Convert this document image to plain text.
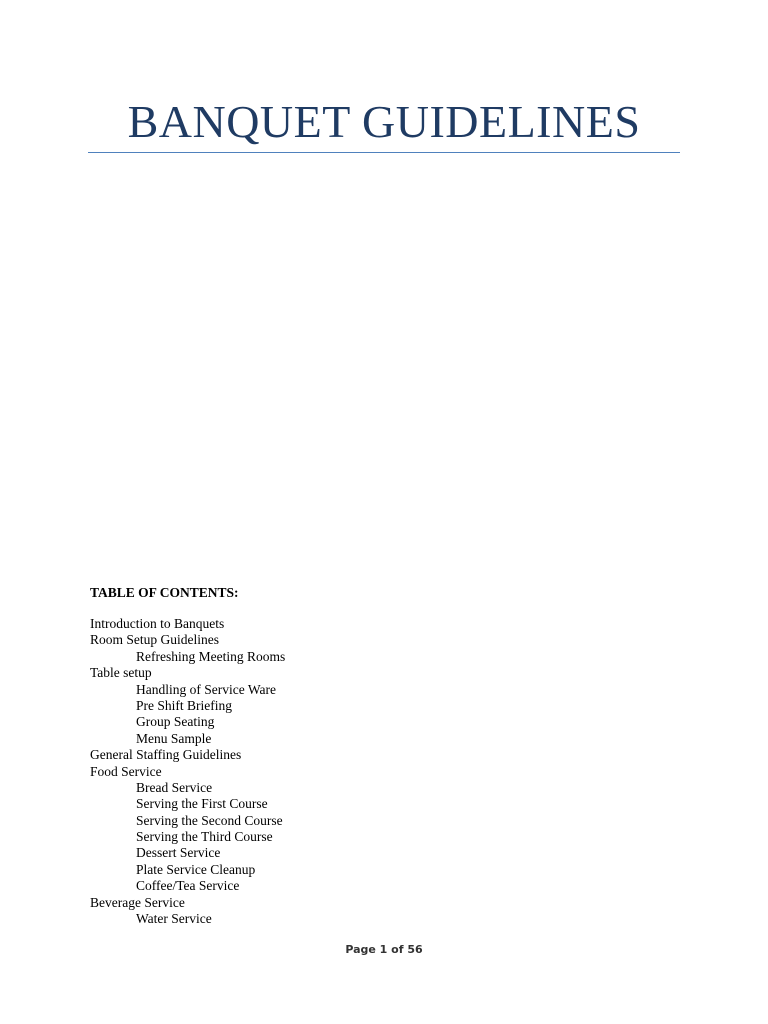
BANQUET GUIDELINES
TABLE OF CONTENTS:
Introduction to Banquets
Room Setup Guidelines
Refreshing Meeting Rooms
Table setup
Handling of Service Ware
Pre Shift Briefing
Group Seating
Menu Sample
General Staffing Guidelines
Food Service
Bread Service
Serving the First Course
Serving the Second Course
Serving the Third Course
Dessert Service
Plate Service Cleanup
Coffee/Tea Service
Beverage Service
Water Service
Page 1 of 56
